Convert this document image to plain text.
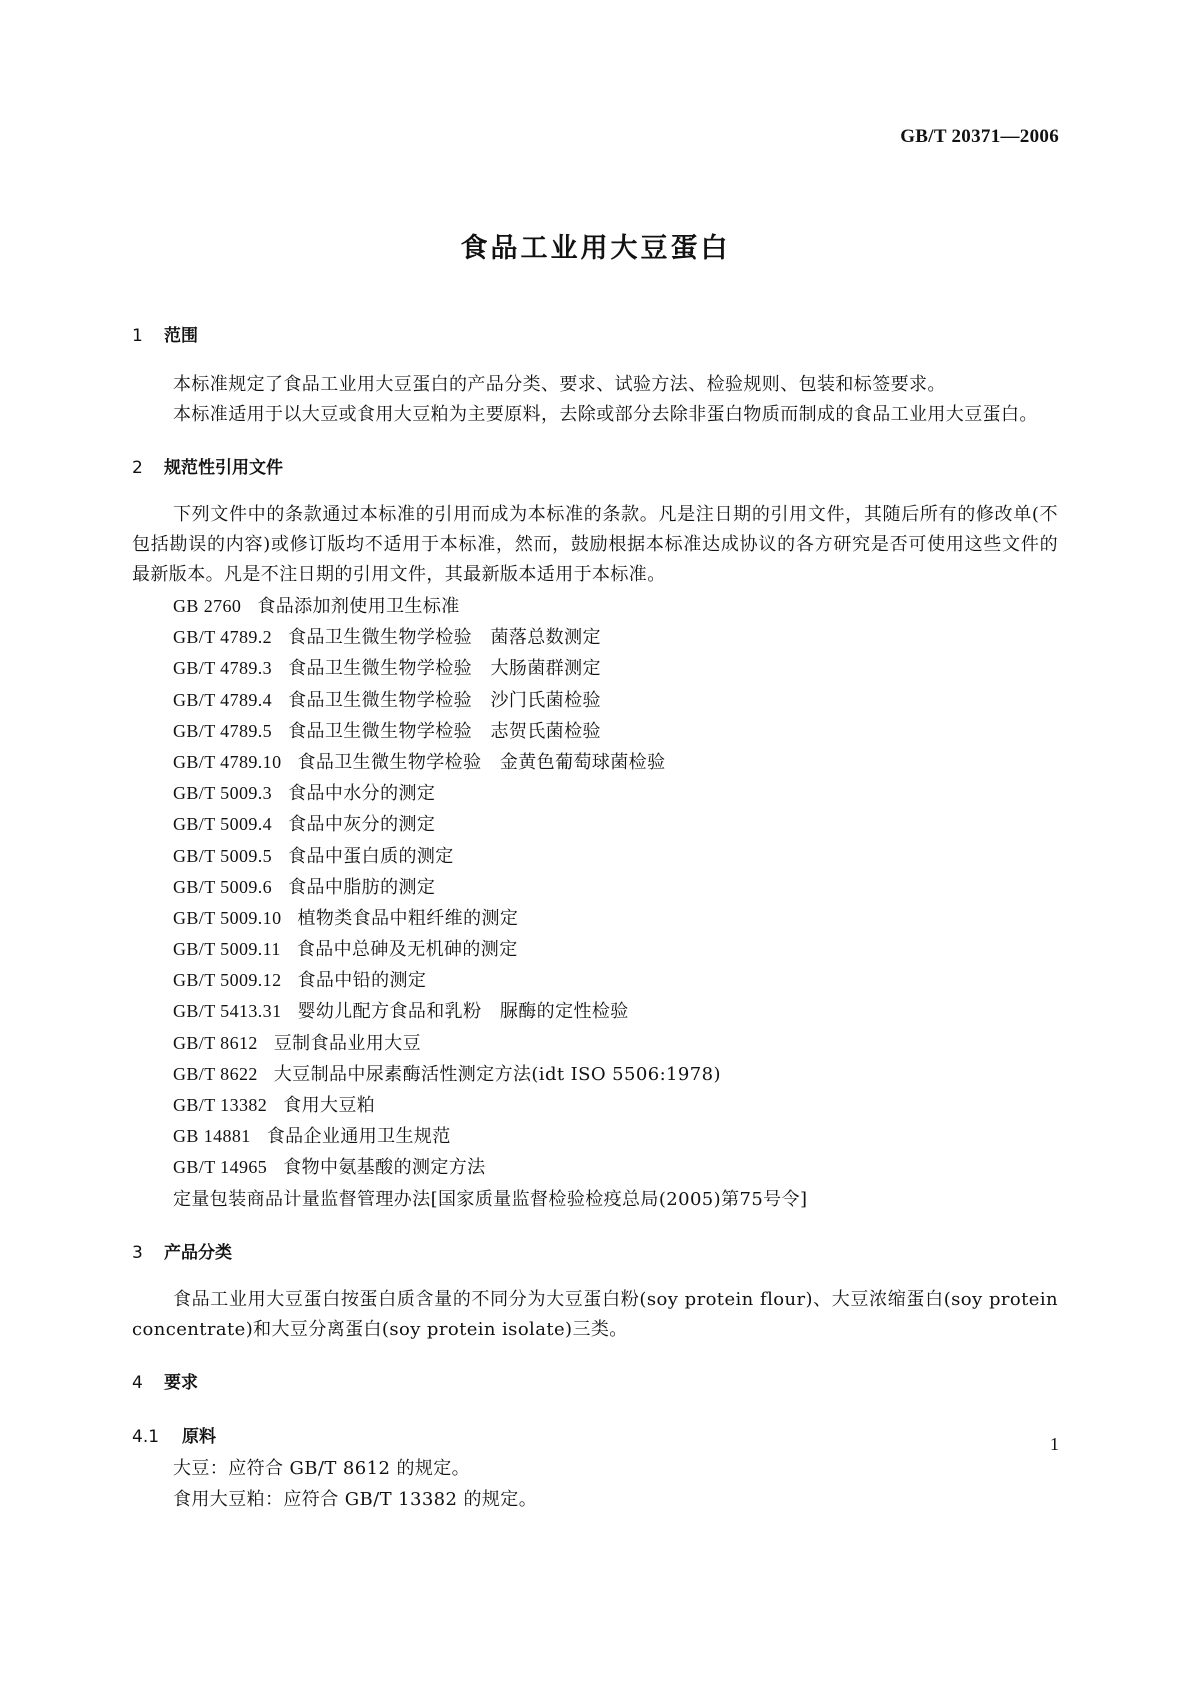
GB/T 20371—2006
食品工业用大豆蛋白
1 范围

本标准规定了食品工业用大豆蛋白的产品分类、要求、试验方法、检验规则、包装和标签要求。

本标准适用于以大豆或食用大豆粕为主要原料，去除或部分去除非蛋白物质而制成的食品工业用大豆蛋白。

2 规范性引用文件

下列文件中的条款通过本标准的引用而成为本标准的条款。凡是注日期的引用文件，其随后所有的修改单(不包括勘误的内容)或修订版均不适用于本标准，然而，鼓励根据本标准达成协议的各方研究是否可使用这些文件的最新版本。凡是不注日期的引用文件，其最新版本适用于本标准。

GB 2760 食品添加剂使用卫生标准
GB/T 4789.2 食品卫生微生物学检验　菌落总数测定
GB/T 4789.3 食品卫生微生物学检验　大肠菌群测定
GB/T 4789.4 食品卫生微生物学检验　沙门氏菌检验
GB/T 4789.5 食品卫生微生物学检验　志贺氏菌检验
GB/T 4789.10 食品卫生微生物学检验　金黄色葡萄球菌检验
GB/T 5009.3 食品中水分的测定
GB/T 5009.4 食品中灰分的测定
GB/T 5009.5 食品中蛋白质的测定
GB/T 5009.6 食品中脂肪的测定
GB/T 5009.10 植物类食品中粗纤维的测定
GB/T 5009.11 食品中总砷及无机砷的测定
GB/T 5009.12 食品中铅的测定
GB/T 5413.31 婴幼儿配方食品和乳粉　脲酶的定性检验
GB/T 8612 豆制食品业用大豆
GB/T 8622 大豆制品中尿素酶活性测定方法(idt ISO 5506:1978)
GB/T 13382 食用大豆粕
GB 14881 食品企业通用卫生规范
GB/T 14965 食物中氨基酸的测定方法
定量包装商品计量监督管理办法[国家质量监督检验检疫总局(2005)第75号令]
3 产品分类

食品工业用大豆蛋白按蛋白质含量的不同分为大豆蛋白粉(soy protein flour)、大豆浓缩蛋白(soy protein concentrate)和大豆分离蛋白(soy protein isolate)三类。

4 要求
4.1 原料

大豆：应符合 GB/T 8612 的规定。

食用大豆粕：应符合 GB/T 13382 的规定。

1
